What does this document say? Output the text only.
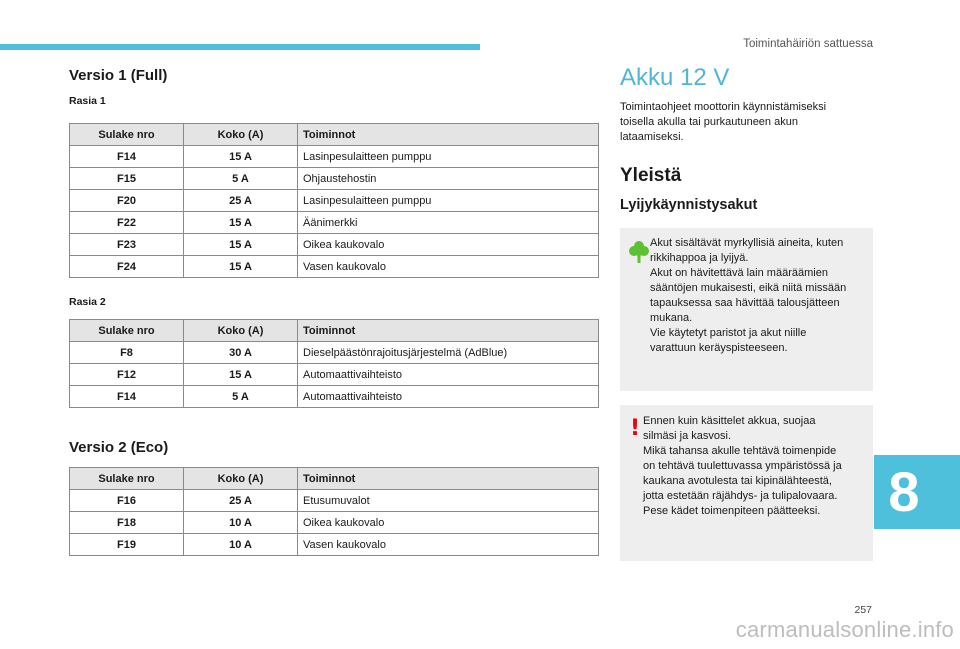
Toimintahäiriön sattuessa
Versio 1 (Full)
Rasia 1
Sulake nro	Koko (A)	Toiminnot
F14	15 A	Lasinpesulaitteen pumppu
F15	5 A	Ohjaustehostin
F20	25 A	Lasinpesulaitteen pumppu
F22	15 A	Äänimerkki
F23	15 A	Oikea kaukovalo
F24	15 A	Vasen kaukovalo
Rasia 2
Sulake nro	Koko (A)	Toiminnot
F8	30 A	Dieselpäästönrajoitusjärjestelmä (AdBlue)
F12	15 A	Automaattivaihteisto
F14	5 A	Automaattivaihteisto
Versio 2 (Eco)
Sulake nro	Koko (A)	Toiminnot
F16	25 A	Etusumuvalot
F18	10 A	Oikea kaukovalo
F19	10 A	Vasen kaukovalo
Akku 12 V
Toimintaohjeet moottorin käynnistämiseksi
toisella akulla tai purkautuneen akun
lataamiseksi.
Yleistä
Lyijykäynnistysakut
Akut sisältävät myrkyllisiä aineita, kuten
rikkihappoa ja lyijyä.
Akut on hävitettävä lain määräämien
sääntöjen mukaisesti, eikä niitä missään
tapauksessa saa hävittää talousjätteen
mukana.
Vie käytetyt paristot ja akut niille
varattuun keräyspisteeseen.
! Ennen kuin käsittelet akkua, suojaa
silmäsi ja kasvosi.
Mikä tahansa akulle tehtävä toimenpide
on tehtävä tuulettuvassa ympäristössä ja
kaukana avotulesta tai kipinälähteestä,
jotta estetään räjähdys- ja tulipalovaara.
Pese kädet toimenpiteen päätteeksi.	8
257
carmanualsonline.info
